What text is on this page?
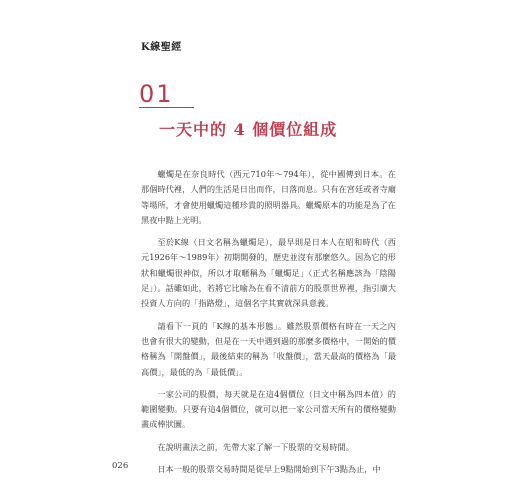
K線聖經
01
一天中的 4 個價位組成

蠟燭是在奈良時代（西元710年～794年），從中國傳到日本。在那個時代裡，人們的生活是日出而作，日落而息。只有在宮廷或者寺廟等場所，才會使用蠟燭這種珍貴的照明器具。蠟燭原本的功能是為了在黑夜中點上光明。

至於K線（日文名稱為蠟燭足），最早則是日本人在昭和時代（西元1926年～1989年）初期開發的，歷史並沒有那麼悠久。因為它的形狀和蠟燭很神似，所以才取暱稱為「蠟燭足」（正式名稱應該為「陰陽足」）。話雖如此，若將它比喻為在看不清前方的股票世界裡，指引廣大投資人方向的「指路燈」，這個名字其實就深具意義。

請看下一頁的「K線的基本形態」。雖然股票價格有時在一天之內也會有很大的變動，但是在一天中遇到過的那麼多價格中，一開始的價格稱為「開盤價」，最後結束的稱為「收盤價」，當天最高的價格為「最高價」，最低的為「最低價」。

一家公司的股價，每天就是在這4個價位（日文中稱為四本值）的範圍變動。只要有這4個價位，就可以把一家公司當天所有的價格變動畫成棒狀圖。

在說明畫法之前，先帶大家了解一下股票的交易時間。

日本一般的股票交易時間是從早上9點開始到下午3點為止，中

026
